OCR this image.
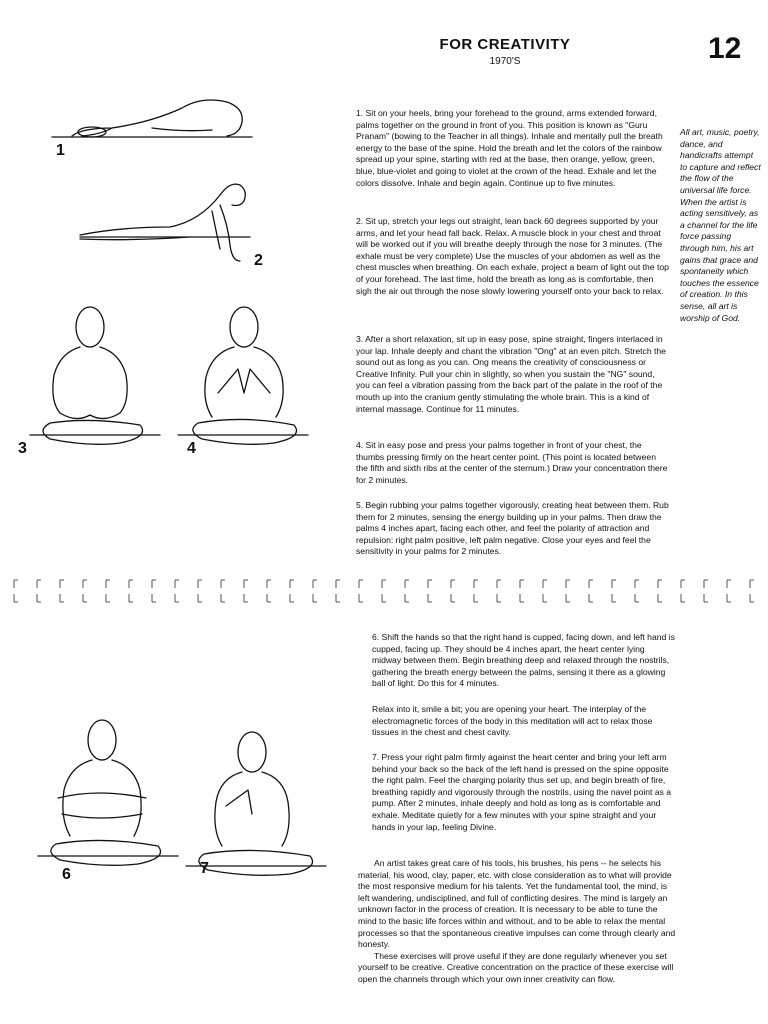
FOR CREATIVITY
1970'S	12
1
2
3	4
1. Sit on your heels, bring your forehead to the ground, arms extended forward, palms together on the ground in front of you. This position is known as "Guru Pranam" (bowing to the Teacher in all things). Inhale and mentally pull the breath energy to the base of the spine. Hold the breath and let the colors of the rainbow spread up your spine, starting with red at the base, then orange, yellow, green, blue, blue-violet and going to violet at the crown of the head. Exhale and let the colors dissolve. Inhale and begin again. Continue up to five minutes.
2. Sit up, stretch your legs out straight, lean back 60 degrees supported by your arms, and let your head fall back. Relax. A muscle block in your chest and throat will be worked out if you will breathe deeply through the nose for 3 minutes. (The exhale must be very complete) Use the muscles of your abdomen as well as the chest muscles when breathing. On each exhale, project a beam of light out the top of your forehead. The last time, hold the breath as long as is comfortable, then sigh the air out through the nose slowly lowering yourself onto your back to relax.
3. After a short relaxation, sit up in easy pose, spine straight, fingers interlaced in your lap. Inhale deeply and chant the vibration "Ong" at an even pitch. Stretch the sound out as long as you can. Ong means the creativity of consciousness or Creative Infinity. Pull your chin in slightly, so when you sustain the "NG" sound, you can feel a vibration passing from the back part of the palate in the roof of the mouth up into the cranium gently stimulating the whole brain. This is a kind of internal massage. Continue for 11 minutes.
4. Sit in easy pose and press your palms together in front of your chest, the thumbs pressing firmly on the heart center point. (This point is located between the fifth and sixth ribs at the center of the sternum.) Draw your concentration there for 2 minutes.
5. Begin rubbing your palms together vigorously, creating heat between them. Rub them for 2 minutes, sensing the energy building up in your palms. Then draw the palms 4 inches apart, facing each other, and feel the polarity of attraction and repulsion: right palm positive, left palm negative. Close your eyes and feel the sensitivity in your palms for 2 minutes.
All art, music, poetry, dance, and handicrafts attempt to capture and reflect the flow of the universal life force. When the artist is acting sensitively, as a channel for the life force passing through him, his art gains that grace and spontaneity which touches the essence of creation. In this sense, all art is worship of God.
6	7
6. Shift the hands so that the right hand is cupped, facing down, and left hand is cupped, facing up. They should be 4 inches apart, the heart center lying midway between them. Begin breathing deep and relaxed through the nostrils, gathering the breath energy between the palms, sensing it there as a glowing ball of light. Do this for 4 minutes.
Relax into it, smile a bit; you are opening your heart. The interplay of the electromagnetic forces of the body in this meditation will act to relax those tissues in the chest and chest cavity.
7. Press your right palm firmly against the heart center and bring your left arm behind your back so the back of the left hand is pressed on the spine opposite the right palm. Feel the charging polarity thus set up, and begin breath of fire, breathing rapidly and vigorously through the nostrils, using the navel point as a pump. After 2 minutes, inhale deeply and hold as long as is comfortable and exhale. Meditate quietly for a few minutes with your spine straight and your hands in your lap, feeling Divine.

An artist takes great care of his tools, his brushes, his pens -- he selects his material, his wood, clay, paper, etc. with close consideration as to what will provide the most responsive medium for his talents. Yet the fundamental tool, the mind, is left wandering, undisciplined, and full of conflicting desires. The mind is largely an unknown factor in the process of creation. It is necessary to be able to tune the mind to the basic life forces within and without, and to be able to relax the mental processes so that the spontaneous creative impulses can come through clearly and honesty.

These exercises will prove useful if they are done regularly whenever you set yourself to be creative. Creative concentration on the practice of these exercise will open the channels through which your own inner creativity can flow.
